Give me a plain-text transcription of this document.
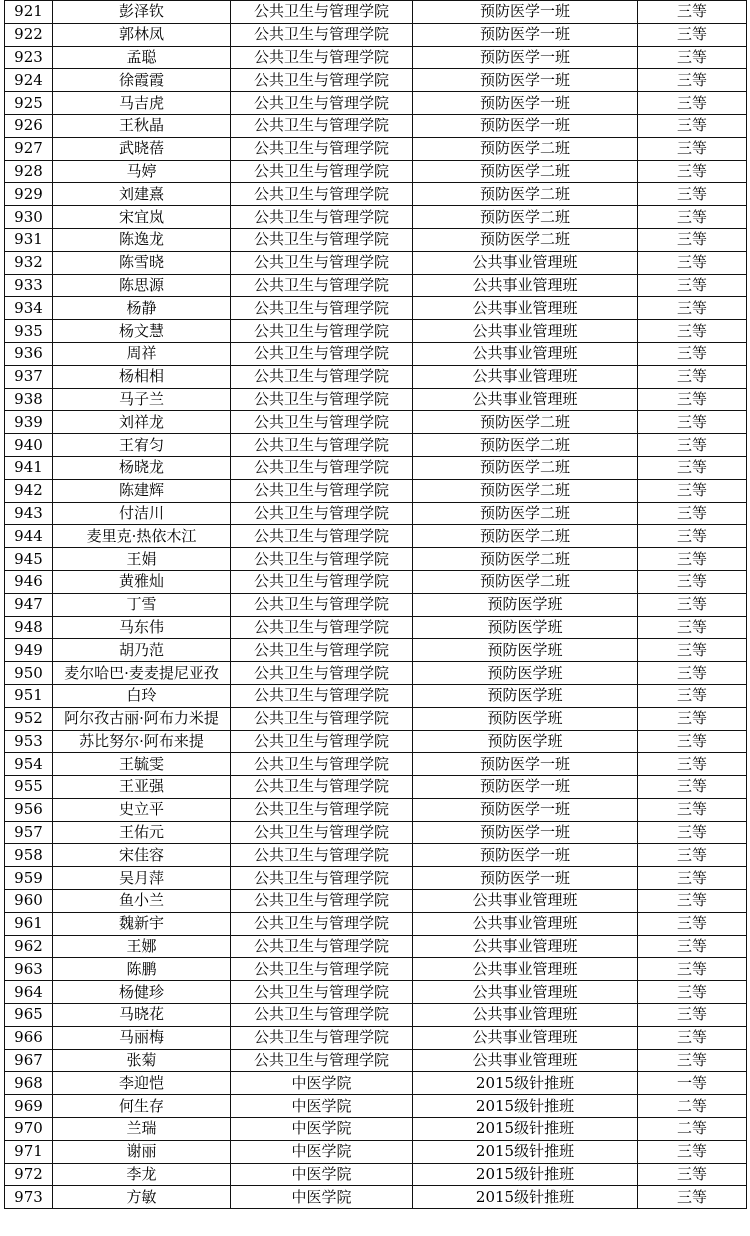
921	彭泽钦	公共卫生与管理学院	预防医学一班	三等
922	郭林凤	公共卫生与管理学院	预防医学一班	三等
923	孟聪	公共卫生与管理学院	预防医学一班	三等
924	徐霞霞	公共卫生与管理学院	预防医学一班	三等
925	马吉虎	公共卫生与管理学院	预防医学一班	三等
926	王秋晶	公共卫生与管理学院	预防医学一班	三等
927	武晓蓓	公共卫生与管理学院	预防医学二班	三等
928	马婷	公共卫生与管理学院	预防医学二班	三等
929	刘建熹	公共卫生与管理学院	预防医学二班	三等
930	宋宜岚	公共卫生与管理学院	预防医学二班	三等
931	陈逸龙	公共卫生与管理学院	预防医学二班	三等
932	陈雪晓	公共卫生与管理学院	公共事业管理班	三等
933	陈思源	公共卫生与管理学院	公共事业管理班	三等
934	杨静	公共卫生与管理学院	公共事业管理班	三等
935	杨文慧	公共卫生与管理学院	公共事业管理班	三等
936	周祥	公共卫生与管理学院	公共事业管理班	三等
937	杨相相	公共卫生与管理学院	公共事业管理班	三等
938	马子兰	公共卫生与管理学院	公共事业管理班	三等
939	刘祥龙	公共卫生与管理学院	预防医学二班	三等
940	王宥匀	公共卫生与管理学院	预防医学二班	三等
941	杨晓龙	公共卫生与管理学院	预防医学二班	三等
942	陈建辉	公共卫生与管理学院	预防医学二班	三等
943	付洁川	公共卫生与管理学院	预防医学二班	三等
944	麦里克·热依木江	公共卫生与管理学院	预防医学二班	三等
945	王娟	公共卫生与管理学院	预防医学二班	三等
946	黄雅灿	公共卫生与管理学院	预防医学二班	三等
947	丁雪	公共卫生与管理学院	预防医学班	三等
948	马东伟	公共卫生与管理学院	预防医学班	三等
949	胡乃范	公共卫生与管理学院	预防医学班	三等
950	麦尔哈巴·麦麦提尼亚孜	公共卫生与管理学院	预防医学班	三等
951	白玲	公共卫生与管理学院	预防医学班	三等
952	阿尔孜古丽·阿布力米提	公共卫生与管理学院	预防医学班	三等
953	苏比努尔·阿布来提	公共卫生与管理学院	预防医学班	三等
954	王毓雯	公共卫生与管理学院	预防医学一班	三等
955	王亚强	公共卫生与管理学院	预防医学一班	三等
956	史立平	公共卫生与管理学院	预防医学一班	三等
957	王佑元	公共卫生与管理学院	预防医学一班	三等
958	宋佳容	公共卫生与管理学院	预防医学一班	三等
959	吴月萍	公共卫生与管理学院	预防医学一班	三等
960	鱼小兰	公共卫生与管理学院	公共事业管理班	三等
961	魏新宇	公共卫生与管理学院	公共事业管理班	三等
962	王娜	公共卫生与管理学院	公共事业管理班	三等
963	陈鹏	公共卫生与管理学院	公共事业管理班	三等
964	杨健珍	公共卫生与管理学院	公共事业管理班	三等
965	马晓花	公共卫生与管理学院	公共事业管理班	三等
966	马丽梅	公共卫生与管理学院	公共事业管理班	三等
967	张菊	公共卫生与管理学院	公共事业管理班	三等
968	李迎恺	中医学院	2015级针推班	一等
969	何生存	中医学院	2015级针推班	二等
970	兰瑞	中医学院	2015级针推班	二等
971	谢丽	中医学院	2015级针推班	三等
972	李龙	中医学院	2015级针推班	三等
973	方敏	中医学院	2015级针推班	三等
